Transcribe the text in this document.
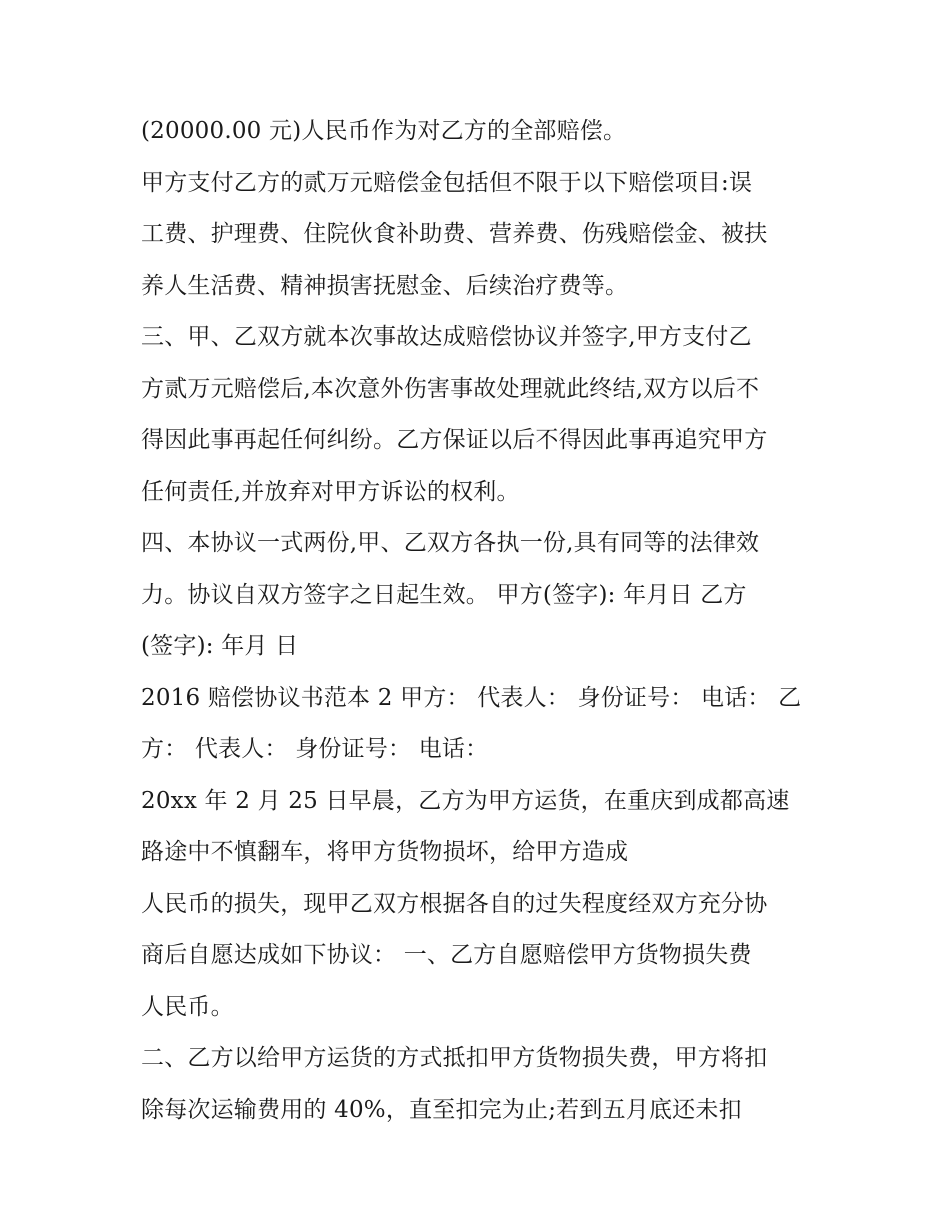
(20000.00 元)人民币作为对乙方的全部赔偿。
甲方支付乙方的贰万元赔偿金包括但不限于以下赔偿项目:误
工费、护理费、住院伙食补助费、营养费、伤残赔偿金、被扶
养人生活费、精神损害抚慰金、后续治疗费等。
三、甲、乙双方就本次事故达成赔偿协议并签字,甲方支付乙
方贰万元赔偿后,本次意外伤害事故处理就此终结,双方以后不
得因此事再起任何纠纷。乙方保证以后不得因此事再追究甲方
任何责任,并放弃对甲方诉讼的权利。
四、本协议一式两份,甲、乙双方各执一份,具有同等的法律效
力。协议自双方签字之日起生效。 甲方(签字): 年月日 乙方
(签字): 年月 日
2016 赔偿协议书范本 2 甲方： 代表人： 身份证号： 电话： 乙
方： 代表人： 身份证号： 电话：
20xx 年 2 月 25 日早晨，乙方为甲方运货，在重庆到成都高速
路途中不慎翻车，将甲方货物损坏，给甲方造成
人民币的损失，现甲乙双方根据各自的过失程度经双方充分协
商后自愿达成如下协议： 一、乙方自愿赔偿甲方货物损失费
人民币。
二、乙方以给甲方运货的方式抵扣甲方货物损失费，甲方将扣
除每次运输费用的 40%，直至扣完为止;若到五月底还未扣
